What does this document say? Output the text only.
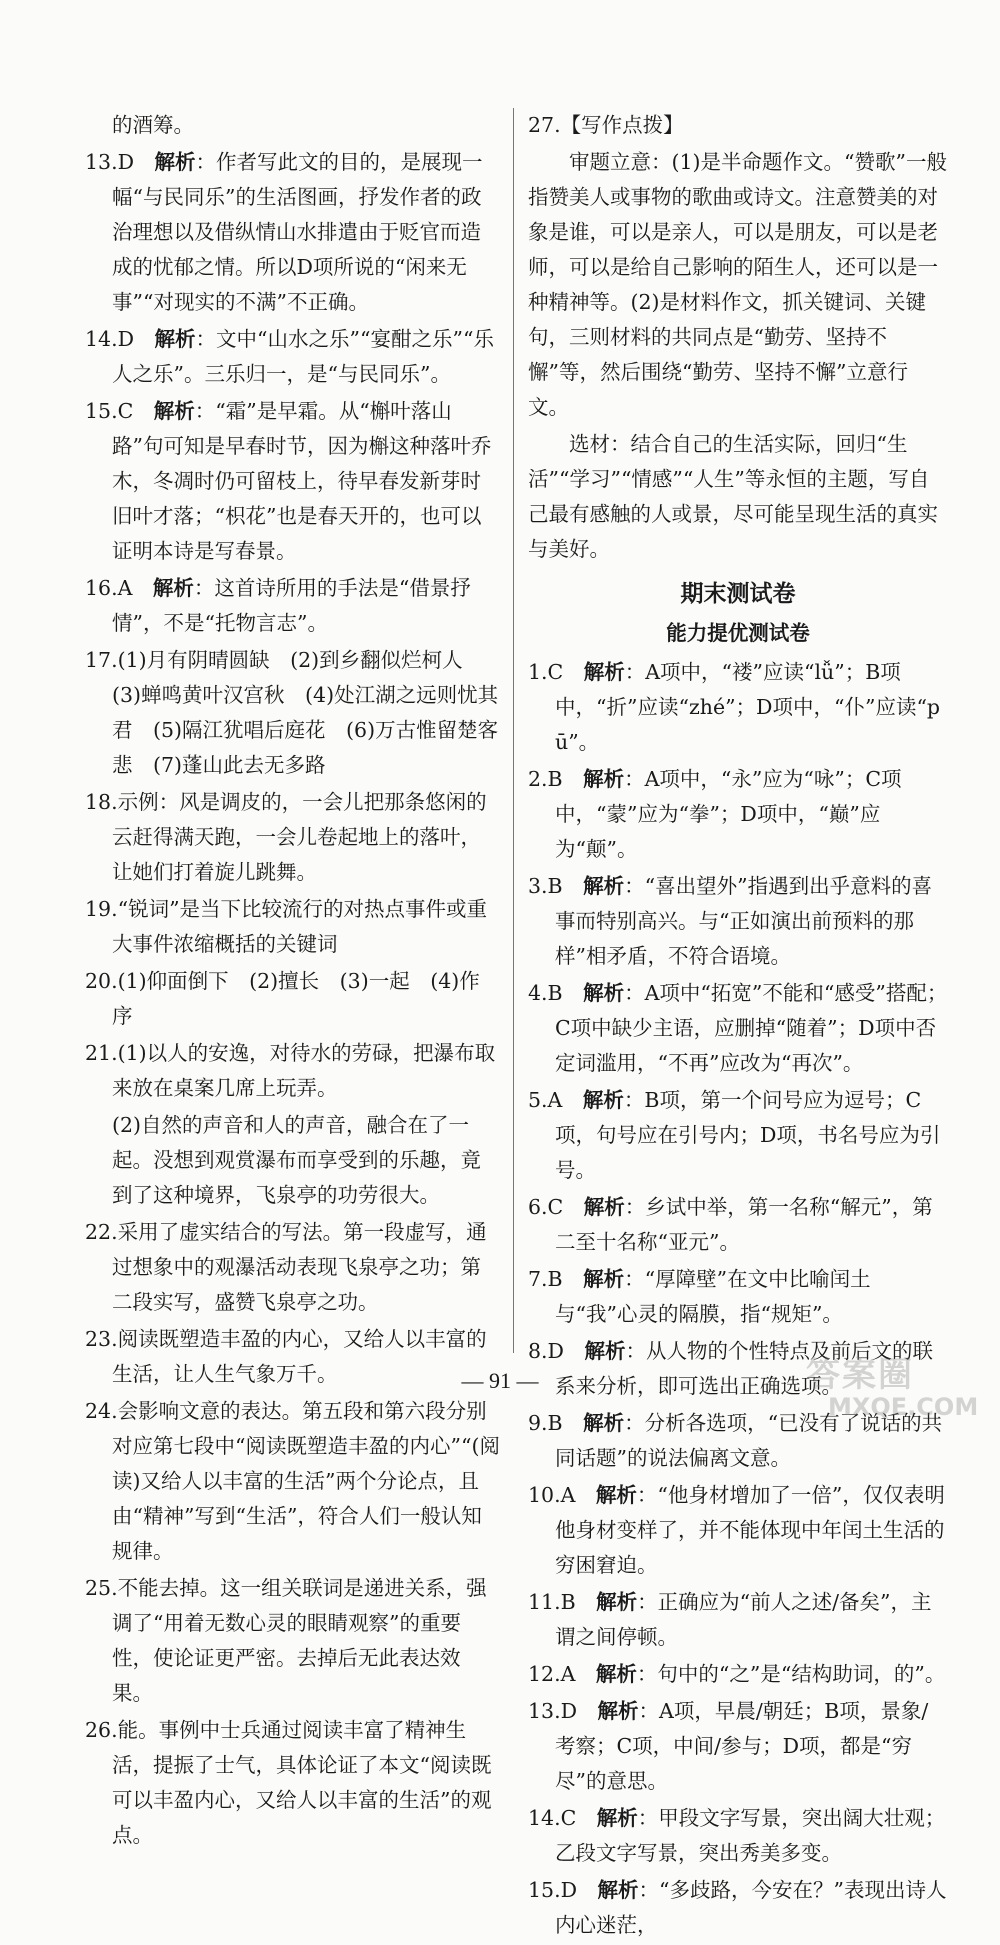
的酒筹。

13.D　解析：作者写此文的目的，是展现一幅“与民同乐”的生活图画，抒发作者的政治理想以及借纵情山水排遣由于贬官而造成的忧郁之情。所以D项所说的“闲来无事”“对现实的不满”不正确。

14.D　解析：文中“山水之乐”“宴酣之乐”“乐人之乐”。三乐归一，是“与民同乐”。

15.C　解析：“霜”是早霜。从“槲叶落山路”句可知是早春时节，因为槲这种落叶乔木，冬凋时仍可留枝上，待早春发新芽时旧叶才落；“枳花”也是春天开的，也可以证明本诗是写春景。

16.A　解析：这首诗所用的手法是“借景抒情”，不是“托物言志”。

17.(1)月有阴晴圆缺　(2)到乡翻似烂柯人　(3)蝉鸣黄叶汉宫秋　(4)处江湖之远则忧其君　(5)隔江犹唱后庭花　(6)万古惟留楚客悲　(7)蓬山此去无多路

18.示例：风是调皮的，一会儿把那条悠闲的云赶得满天跑，一会儿卷起地上的落叶，让她们打着旋儿跳舞。

19.“锐词”是当下比较流行的对热点事件或重大事件浓缩概括的关键词

20.(1)仰面倒下　(2)擅长　(3)一起　(4)作序

21.(1)以人的安逸，对待水的劳碌，把瀑布取来放在桌案几席上玩弄。

(2)自然的声音和人的声音，融合在了一起。没想到观赏瀑布而享受到的乐趣，竟到了这种境界，飞泉亭的功劳很大。

22.采用了虚实结合的写法。第一段虚写，通过想象中的观瀑活动表现飞泉亭之功；第二段实写，盛赞飞泉亭之功。

23.阅读既塑造丰盈的内心，又给人以丰富的生活，让人生气象万千。

24.会影响文意的表达。第五段和第六段分别对应第七段中“阅读既塑造丰盈的内心”“(阅读)又给人以丰富的生活”两个分论点，且由“精神”写到“生活”，符合人们一般认知规律。

25.不能去掉。这一组关联词是递进关系，强调了“用着无数心灵的眼睛观察”的重要性，使论证更严密。去掉后无此表达效果。

26.能。事例中士兵通过阅读丰富了精神生活，提振了士气，具体论证了本文“阅读既可以丰盈内心，又给人以丰富的生活”的观点。

27.【写作点拨】

审题立意：(1)是半命题作文。“赞歌”一般指赞美人或事物的歌曲或诗文。注意赞美的对象是谁，可以是亲人，可以是朋友，可以是老师，可以是给自己影响的陌生人，还可以是一种精神等。(2)是材料作文，抓关键词、关键句，三则材料的共同点是“勤劳、坚持不懈”等，然后围绕“勤劳、坚持不懈”立意行文。

选材：结合自己的生活实际，回归“生活”“学习”“情感”“人生”等永恒的主题，写自己最有感触的人或景，尽可能呈现生活的真实与美好。

期末测试卷
能力提优测试卷

1.C　解析：A项中，“褛”应读“lǚ”；B项中，“折”应读“zhé”；D项中，“仆”应读“pū”。

2.B　解析：A项中，“永”应为“咏”；C项中，“蒙”应为“拳”；D项中，“巅”应为“颠”。

3.B　解析：“喜出望外”指遇到出乎意料的喜事而特别高兴。与“正如演出前预料的那样”相矛盾，不符合语境。

4.B　解析：A项中“拓宽”不能和“感受”搭配；C项中缺少主语，应删掉“随着”；D项中否定词滥用，“不再”应改为“再次”。

5.A　解析：B项，第一个问号应为逗号；C项，句号应在引号内；D项，书名号应为引号。

6.C　解析：乡试中举，第一名称“解元”，第二至十名称“亚元”。

7.B　解析：“厚障壁”在文中比喻闰土与“我”心灵的隔膜，指“规矩”。

8.D　解析：从人物的个性特点及前后文的联系来分析，即可选出正确选项。

9.B　解析：分析各选项，“已没有了说话的共同话题”的说法偏离文意。

10.A　解析：“他身材增加了一倍”，仅仅表明他身材变样了，并不能体现中年闰土生活的穷困窘迫。

11.B　解析：正确应为“前人之述/备矣”，主谓之间停顿。

12.A　解析：句中的“之”是“结构助词，的”。

13.D　解析：A项，早晨/朝廷；B项，景象/考察；C项，中间/参与；D项，都是“穷尽”的意思。

14.C　解析：甲段文字写景，突出阔大壮观；乙段文字写景，突出秀美多变。

15.D　解析：“多歧路，今安在？”表现出诗人内心迷茫，

— 91 —	答案圈
MXQE.COM
